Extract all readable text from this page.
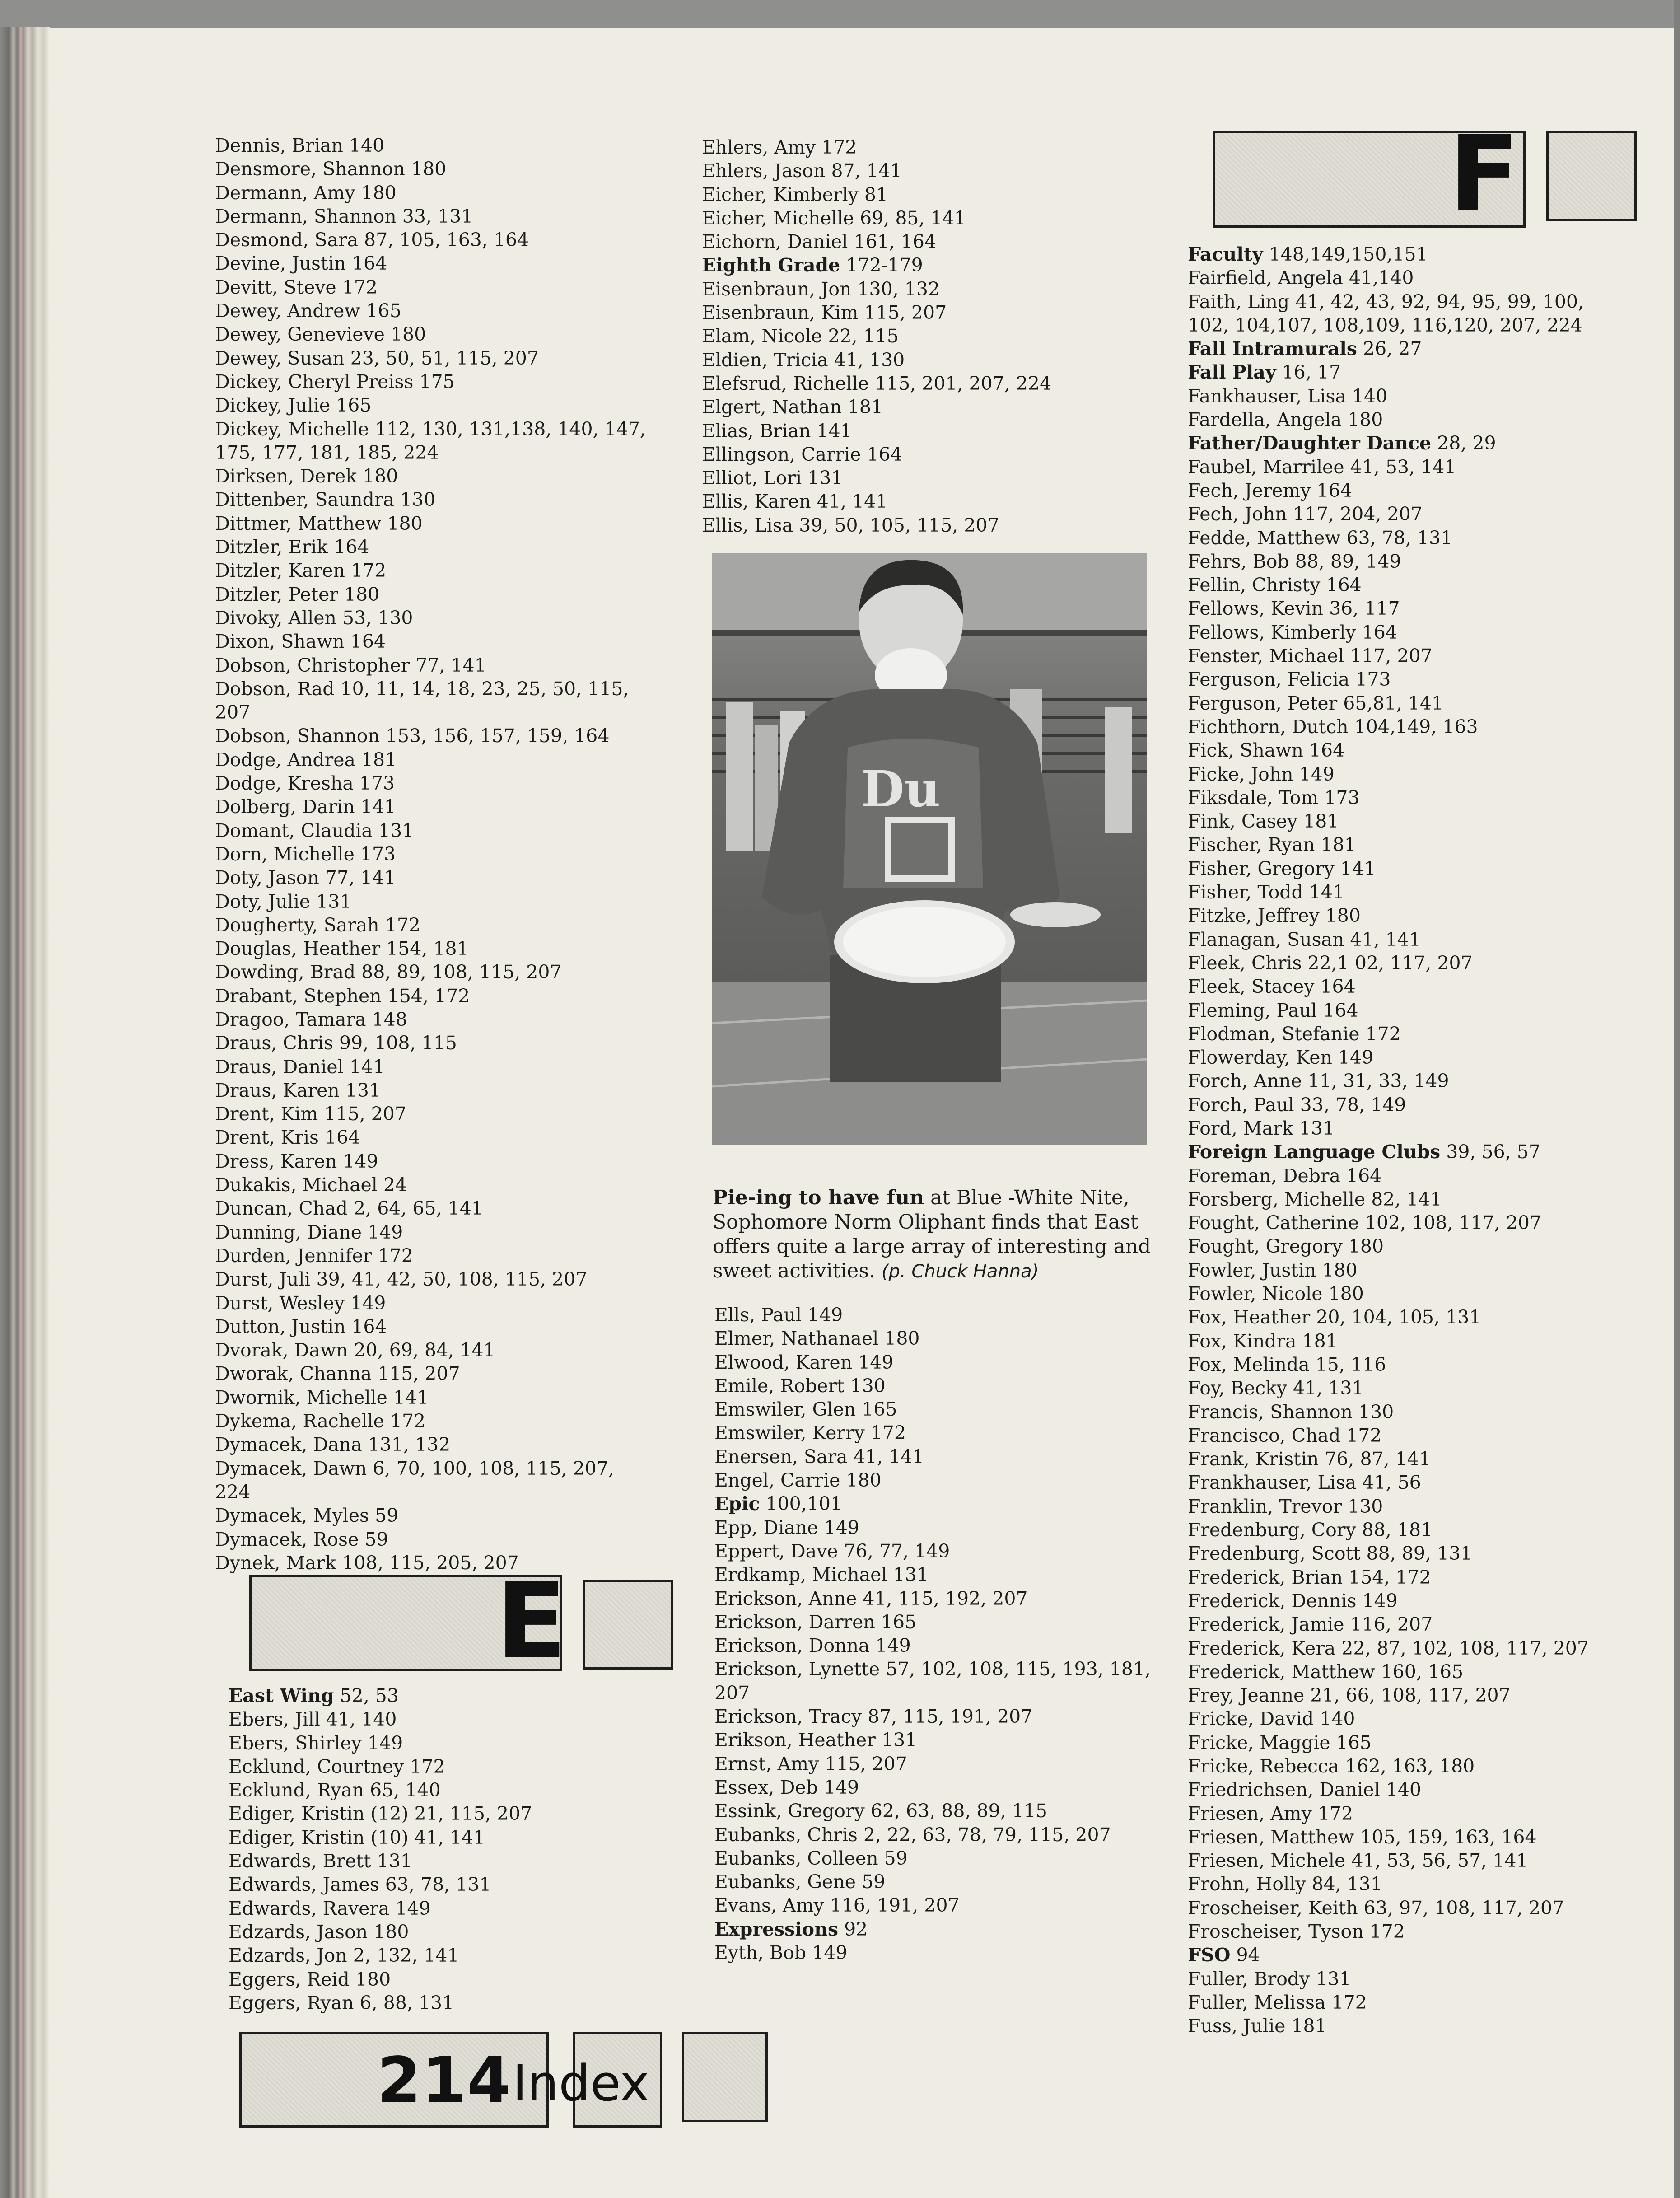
Dennis, Brian 140
Densmore, Shannon 180
Dermann, Amy 180
Dermann, Shannon 33, 131
Desmond, Sara 87, 105, 163, 164
Devine, Justin 164
Devitt, Steve 172
Dewey, Andrew 165
Dewey, Genevieve 180
Dewey, Susan 23, 50, 51, 115, 207
Dickey, Cheryl Preiss 175
Dickey, Julie 165
Dickey, Michelle 112, 130, 131,138, 140, 147,
175, 177, 181, 185, 224
Dirksen, Derek 180
Dittenber, Saundra 130
Dittmer, Matthew 180
Ditzler, Erik 164
Ditzler, Karen 172
Ditzler, Peter 180
Divoky, Allen 53, 130
Dixon, Shawn 164
Dobson, Christopher 77, 141
Dobson, Rad 10, 11, 14, 18, 23, 25, 50, 115,
207
Dobson, Shannon 153, 156, 157, 159, 164
Dodge, Andrea 181
Dodge, Kresha 173
Dolberg, Darin 141
Domant, Claudia 131
Dorn, Michelle 173
Doty, Jason 77, 141
Doty, Julie 131
Dougherty, Sarah 172
Douglas, Heather 154, 181
Dowding, Brad 88, 89, 108, 115, 207
Drabant, Stephen 154, 172
Dragoo, Tamara 148
Draus, Chris 99, 108, 115
Draus, Daniel 141
Draus, Karen 131
Drent, Kim 115, 207
Drent, Kris 164
Dress, Karen 149
Dukakis, Michael 24
Duncan, Chad 2, 64, 65, 141
Dunning, Diane 149
Durden, Jennifer 172
Durst, Juli 39, 41, 42, 50, 108, 115, 207
Durst, Wesley 149
Dutton, Justin 164
Dvorak, Dawn 20, 69, 84, 141
Dworak, Channa 115, 207
Dwornik, Michelle 141
Dykema, Rachelle 172
Dymacek, Dana 131, 132
Dymacek, Dawn 6, 70, 100, 108, 115, 207,
224
Dymacek, Myles 59
Dymacek, Rose 59
Dynek, Mark 108, 115, 205, 207
E
East Wing 52, 53
Ebers, Jill 41, 140
Ebers, Shirley 149
Ecklund, Courtney 172
Ecklund, Ryan 65, 140
Ediger, Kristin (12) 21, 115, 207
Ediger, Kristin (10) 41, 141
Edwards, Brett 131
Edwards, James 63, 78, 131
Edwards, Ravera 149
Edzards, Jason 180
Edzards, Jon 2, 132, 141
Eggers, Reid 180
Eggers, Ryan 6, 88, 131
Ehlers, Amy 172
Ehlers, Jason 87, 141
Eicher, Kimberly 81
Eicher, Michelle 69, 85, 141
Eichorn, Daniel 161, 164
Eighth Grade 172-179
Eisenbraun, Jon 130, 132
Eisenbraun, Kim 115, 207
Elam, Nicole 22, 115
Eldien, Tricia 41, 130
Elefsrud, Richelle 115, 201, 207, 224
Elgert, Nathan 181
Elias, Brian 141
Ellingson, Carrie 164
Elliot, Lori 131
Ellis, Karen 41, 141
Ellis, Lisa 39, 50, 105, 115, 207
Du
Pie-ing to have fun at Blue -White Nite, Sophomore Norm Oliphant finds that East offers quite a large array of interesting and sweet activities. (p. Chuck Hanna)
Ells, Paul 149
Elmer, Nathanael 180
Elwood, Karen 149
Emile, Robert 130
Emswiler, Glen 165
Emswiler, Kerry 172
Enersen, Sara 41, 141
Engel, Carrie 180
Epic 100,101
Epp, Diane 149
Eppert, Dave 76, 77, 149
Erdkamp, Michael 131
Erickson, Anne 41, 115, 192, 207
Erickson, Darren 165
Erickson, Donna 149
Erickson, Lynette 57, 102, 108, 115, 193, 181,
207
Erickson, Tracy 87, 115, 191, 207
Erikson, Heather 131
Ernst, Amy 115, 207
Essex, Deb 149
Essink, Gregory 62, 63, 88, 89, 115
Eubanks, Chris 2, 22, 63, 78, 79, 115, 207
Eubanks, Colleen 59
Eubanks, Gene 59
Evans, Amy 116, 191, 207
Expressions 92
Eyth, Bob 149
F
Faculty 148,149,150,151
Fairfield, Angela 41,140
Faith, Ling 41, 42, 43, 92, 94, 95, 99, 100,
102, 104,107, 108,109, 116,120, 207, 224
Fall Intramurals 26, 27
Fall Play 16, 17
Fankhauser, Lisa 140
Fardella, Angela 180
Father/Daughter Dance 28, 29
Faubel, Marrilee 41, 53, 141
Fech, Jeremy 164
Fech, John 117, 204, 207
Fedde, Matthew 63, 78, 131
Fehrs, Bob 88, 89, 149
Fellin, Christy 164
Fellows, Kevin 36, 117
Fellows, Kimberly 164
Fenster, Michael 117, 207
Ferguson, Felicia 173
Ferguson, Peter 65,81, 141
Fichthorn, Dutch 104,149, 163
Fick, Shawn 164
Ficke, John 149
Fiksdale, Tom 173
Fink, Casey 181
Fischer, Ryan 181
Fisher, Gregory 141
Fisher, Todd 141
Fitzke, Jeffrey 180
Flanagan, Susan 41, 141
Fleek, Chris 22,1 02, 117, 207
Fleek, Stacey 164
Fleming, Paul 164
Flodman, Stefanie 172
Flowerday, Ken 149
Forch, Anne 11, 31, 33, 149
Forch, Paul 33, 78, 149
Ford, Mark 131
Foreign Language Clubs 39, 56, 57
Foreman, Debra 164
Forsberg, Michelle 82, 141
Fought, Catherine 102, 108, 117, 207
Fought, Gregory 180
Fowler, Justin 180
Fowler, Nicole 180
Fox, Heather 20, 104, 105, 131
Fox, Kindra 181
Fox, Melinda 15, 116
Foy, Becky 41, 131
Francis, Shannon 130
Francisco, Chad 172
Frank, Kristin 76, 87, 141
Frankhauser, Lisa 41, 56
Franklin, Trevor 130
Fredenburg, Cory 88, 181
Fredenburg, Scott 88, 89, 131
Frederick, Brian 154, 172
Frederick, Dennis 149
Frederick, Jamie 116, 207
Frederick, Kera 22, 87, 102, 108, 117, 207
Frederick, Matthew 160, 165
Frey, Jeanne 21, 66, 108, 117, 207
Fricke, David 140
Fricke, Maggie 165
Fricke, Rebecca 162, 163, 180
Friedrichsen, Daniel 140
Friesen, Amy 172
Friesen, Matthew 105, 159, 163, 164
Friesen, Michele 41, 53, 56, 57, 141
Frohn, Holly 84, 131
Froscheiser, Keith 63, 97, 108, 117, 207
Froscheiser, Tyson 172
FSO 94
Fuller, Brody 131
Fuller, Melissa 172
Fuss, Julie 181
214 Index
